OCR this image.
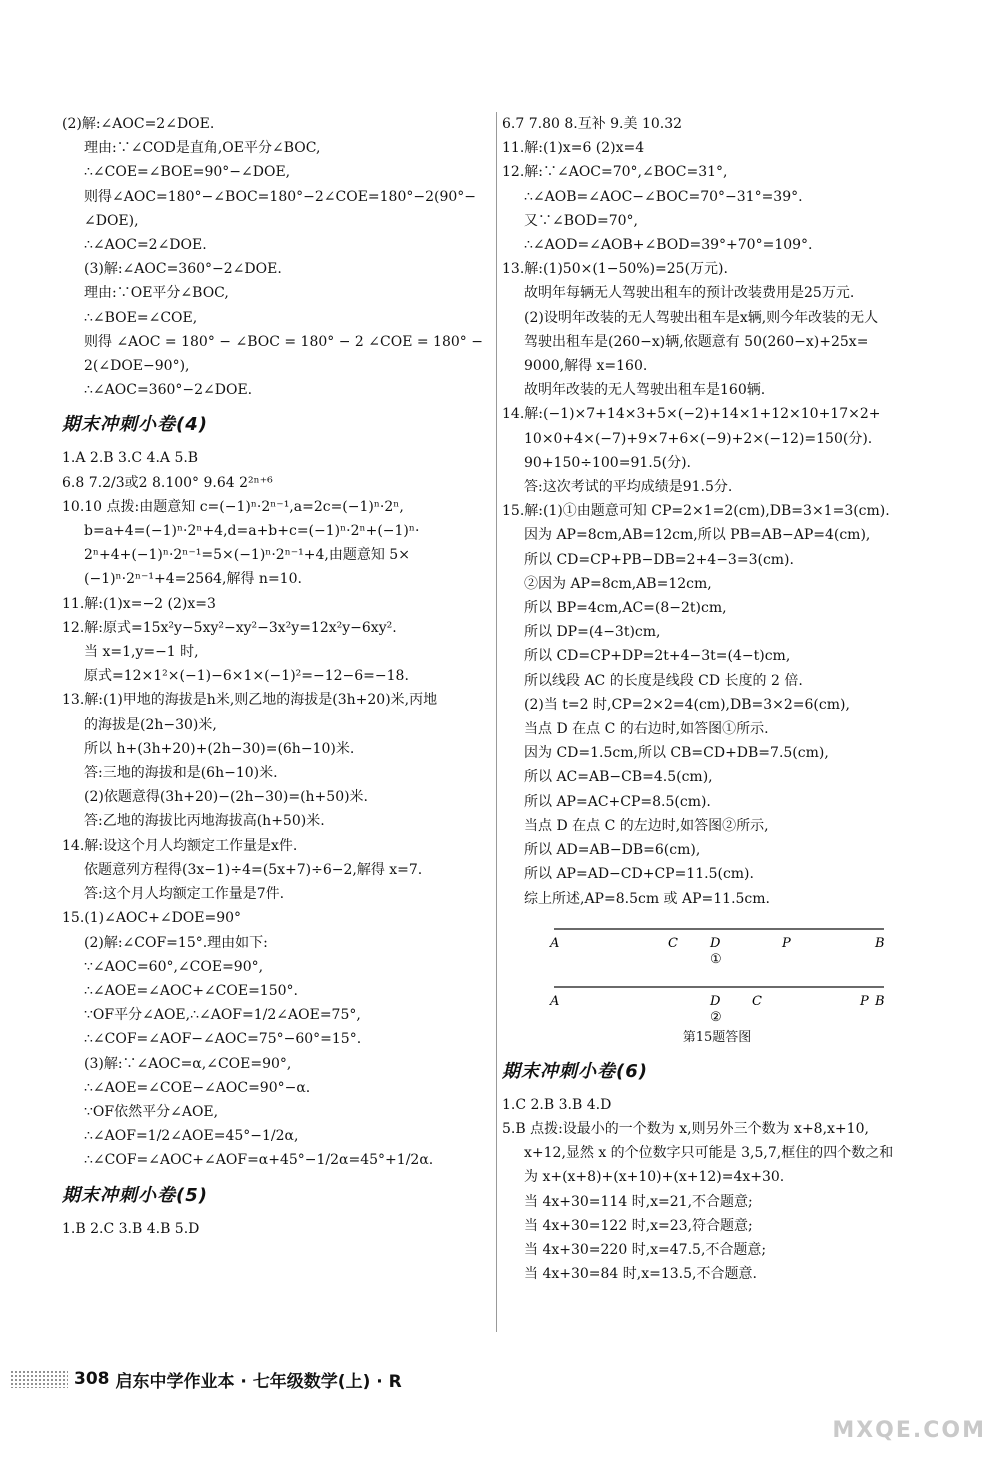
(2)解:∠AOC=2∠DOE.

理由:∵∠COD是直角,OE平分∠BOC,

∴∠COE=∠BOE=90°−∠DOE,

则得∠AOC=180°−∠BOC=180°−2∠COE=180°−2(90°−

∠DOE),

∴∠AOC=2∠DOE.

(3)解:∠AOC=360°−2∠DOE.

理由:∵OE平分∠BOC,

∴∠BOE=∠COE,

则得 ∠AOC = 180° − ∠BOC = 180° − 2 ∠COE = 180° −

2(∠DOE−90°),

∴∠AOC=360°−2∠DOE.

期末冲刺小卷(4)

1.A 2.B 3.C 4.A 5.B

6.8 7.2/3或2 8.100° 9.64 2²ⁿ⁺⁶

10.10 点拨:由题意知 c=(−1)ⁿ·2ⁿ⁻¹,a=2c=(−1)ⁿ·2ⁿ,

b=a+4=(−1)ⁿ·2ⁿ+4,d=a+b+c=(−1)ⁿ·2ⁿ+(−1)ⁿ·

2ⁿ+4+(−1)ⁿ·2ⁿ⁻¹=5×(−1)ⁿ·2ⁿ⁻¹+4,由题意知 5×

(−1)ⁿ·2ⁿ⁻¹+4=2564,解得 n=10.

11.解:(1)x=−2 (2)x=3

12.解:原式=15x²y−5xy²−xy²−3x²y=12x²y−6xy².

当 x=1,y=−1 时,

原式=12×1²×(−1)−6×1×(−1)²=−12−6=−18.

13.解:(1)甲地的海拔是h米,则乙地的海拔是(3h+20)米,丙地

的海拔是(2h−30)米,

所以 h+(3h+20)+(2h−30)=(6h−10)米.

答:三地的海拔和是(6h−10)米.

(2)依题意得(3h+20)−(2h−30)=(h+50)米.

答:乙地的海拔比丙地海拔高(h+50)米.

14.解:设这个月人均额定工作量是x件.

依题意列方程得(3x−1)÷4=(5x+7)÷6−2,解得 x=7.

答:这个月人均额定工作量是7件.

15.(1)∠AOC+∠DOE=90°

(2)解:∠COF=15°.理由如下:

∵∠AOC=60°,∠COE=90°,

∴∠AOE=∠AOC+∠COE=150°.

∵OF平分∠AOE,∴∠AOF=1/2∠AOE=75°,

∴∠COF=∠AOF−∠AOC=75°−60°=15°.

(3)解:∵∠AOC=α,∠COE=90°,

∴∠AOE=∠COE−∠AOC=90°−α.

∵OF依然平分∠AOE,

∴∠AOF=1/2∠AOE=45°−1/2α,

∴∠COF=∠AOC+∠AOF=α+45°−1/2α=45°+1/2α.

期末冲刺小卷(5)

1.B 2.C 3.B 4.B 5.D

6.7 7.80 8.互补 9.美 10.32

11.解:(1)x=6 (2)x=4

12.解:∵∠AOC=70°,∠BOC=31°,

∴∠AOB=∠AOC−∠BOC=70°−31°=39°.

又∵∠BOD=70°,

∴∠AOD=∠AOB+∠BOD=39°+70°=109°.

13.解:(1)50×(1−50%)=25(万元).

故明年每辆无人驾驶出租车的预计改装费用是25万元.

(2)设明年改装的无人驾驶出租车是x辆,则今年改装的无人

驾驶出租车是(260−x)辆,依题意有 50(260−x)+25x=

9000,解得 x=160.

故明年改装的无人驾驶出租车是160辆.

14.解:(−1)×7+14×3+5×(−2)+14×1+12×10+17×2+

10×0+4×(−7)+9×7+6×(−9)+2×(−12)=150(分).

90+150÷100=91.5(分).

答:这次考试的平均成绩是91.5分.

15.解:(1)①由题意可知 CP=2×1=2(cm),DB=3×1=3(cm).

因为 AP=8cm,AB=12cm,所以 PB=AB−AP=4(cm),

所以 CD=CP+PB−DB=2+4−3=3(cm).

②因为 AP=8cm,AB=12cm,

所以 BP=4cm,AC=(8−2t)cm,

所以 DP=(4−3t)cm,

所以 CD=CP+DP=2t+4−3t=(4−t)cm,

所以线段 AC 的长度是线段 CD 长度的 2 倍.

(2)当 t=2 时,CP=2×2=4(cm),DB=3×2=6(cm),

当点 D 在点 C 的右边时,如答图①所示.

因为 CD=1.5cm,所以 CB=CD+DB=7.5(cm),

所以 AC=AB−CB=4.5(cm),

所以 AP=AC+CP=8.5(cm).

当点 D 在点 C 的左边时,如答图②所示,

所以 AD=AB−DB=6(cm),

所以 AP=AD−CD+CP=11.5(cm).

综上所述,AP=8.5cm 或 AP=11.5cm.

A	C D	P	B
①
A	D C	P B
②
第15题答图
期末冲刺小卷(6)

1.C 2.B 3.B 4.D

5.B 点拨:设最小的一个数为 x,则另外三个数为 x+8,x+10,

x+12,显然 x 的个位数字只可能是 3,5,7,框住的四个数之和

为 x+(x+8)+(x+10)+(x+12)=4x+30.

当 4x+30=114 时,x=21,不合题意;

当 4x+30=122 时,x=23,符合题意;

当 4x+30=220 时,x=47.5,不合题意;

当 4x+30=84 时,x=13.5,不合题意.

308 启东中学作业本 · 七年级数学(上) · R
MXQE.COM
